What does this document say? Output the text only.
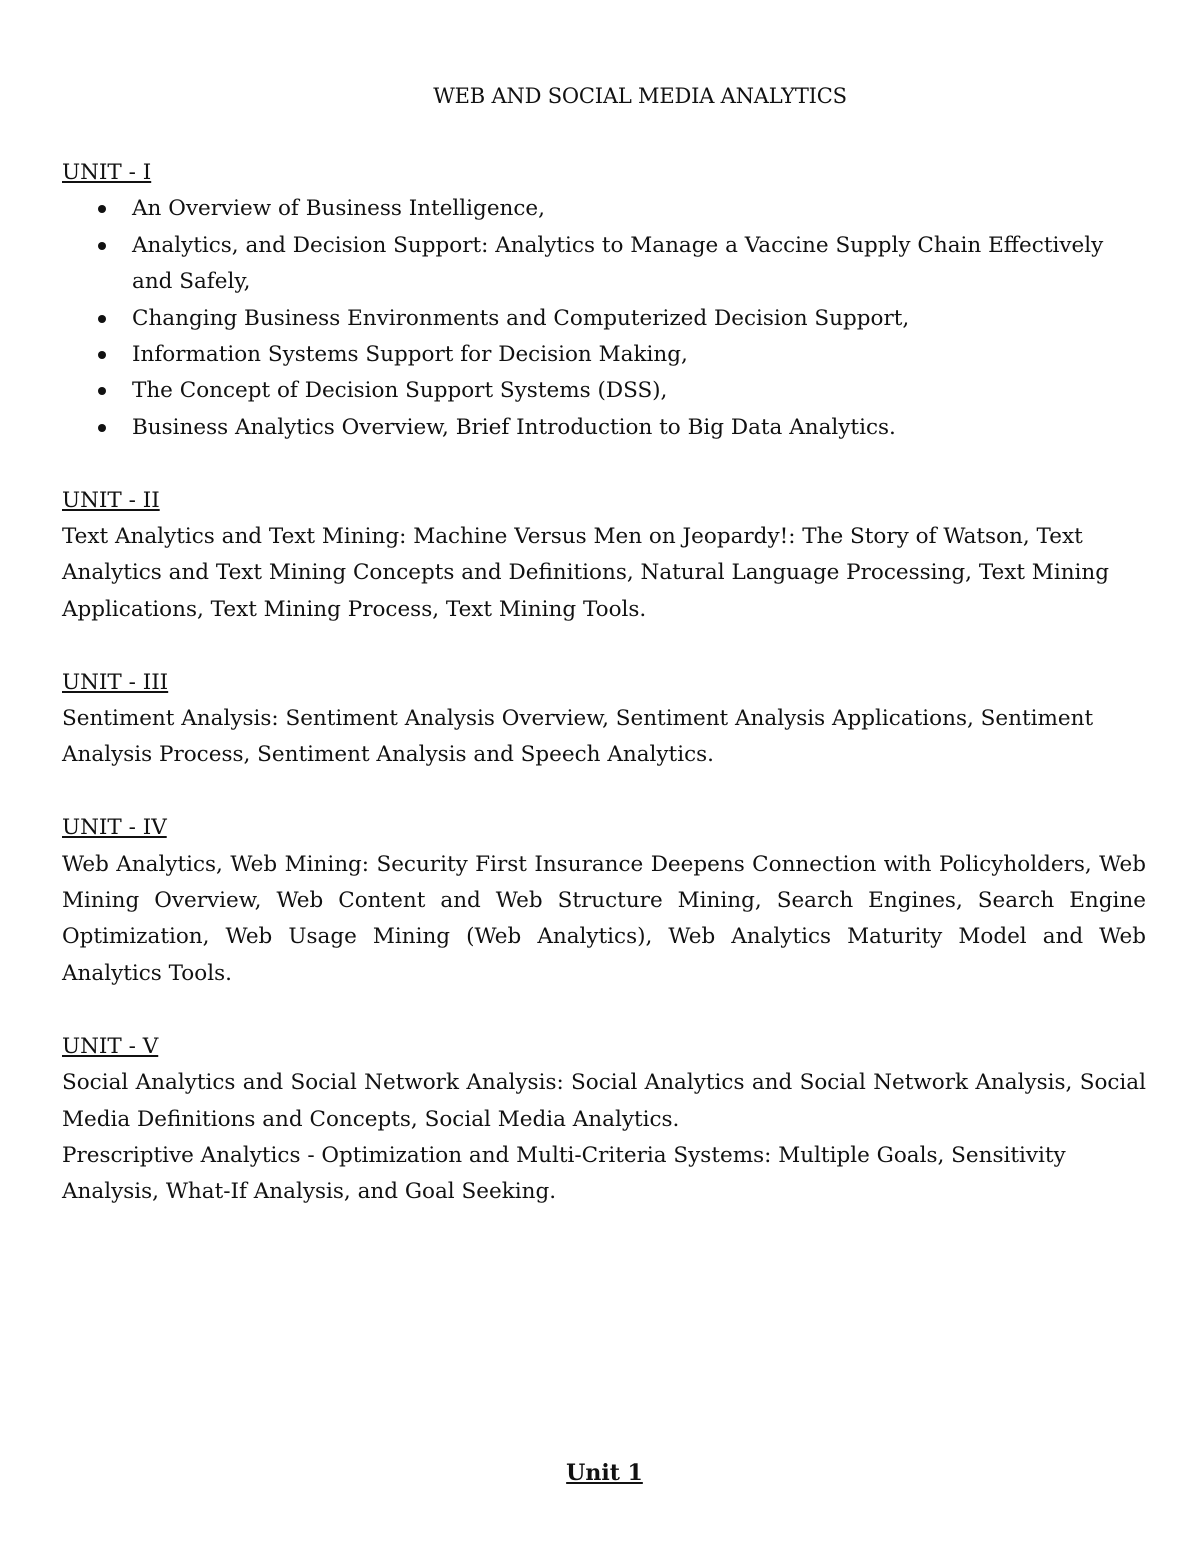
WEB AND SOCIAL MEDIA ANALYTICS

UNIT - I

An Overview of Business Intelligence,
Analytics, and Decision Support: Analytics to Manage a Vaccine Supply Chain Effectively and Safely,
Changing Business Environments and Computerized Decision Support,
Information Systems Support for Decision Making,
The Concept of Decision Support Systems (DSS),
Business Analytics Overview, Brief Introduction to Big Data Analytics.

UNIT - II

Text Analytics and Text Mining: Machine Versus Men on Jeopardy!: The Story of Watson, Text Analytics and Text Mining Concepts and Definitions, Natural Language Processing, Text Mining Applications, Text Mining Process, Text Mining Tools.

UNIT - III

Sentiment Analysis: Sentiment Analysis Overview, Sentiment Analysis Applications, Sentiment Analysis Process, Sentiment Analysis and Speech Analytics.

UNIT - IV

Web Analytics, Web Mining: Security First Insurance Deepens Connection with Policyholders, Web Mining Overview, Web Content and Web Structure Mining, Search Engines, Search Engine Optimization, Web Usage Mining (Web Analytics), Web Analytics Maturity Model and Web Analytics Tools.

UNIT - V

Social Analytics and Social Network Analysis: Social Analytics and Social Network Analysis, Social Media Definitions and Concepts, Social Media Analytics.

Prescriptive Analytics - Optimization and Multi-Criteria Systems: Multiple Goals, Sensitivity Analysis, What-If Analysis, and Goal Seeking.

Unit 1
